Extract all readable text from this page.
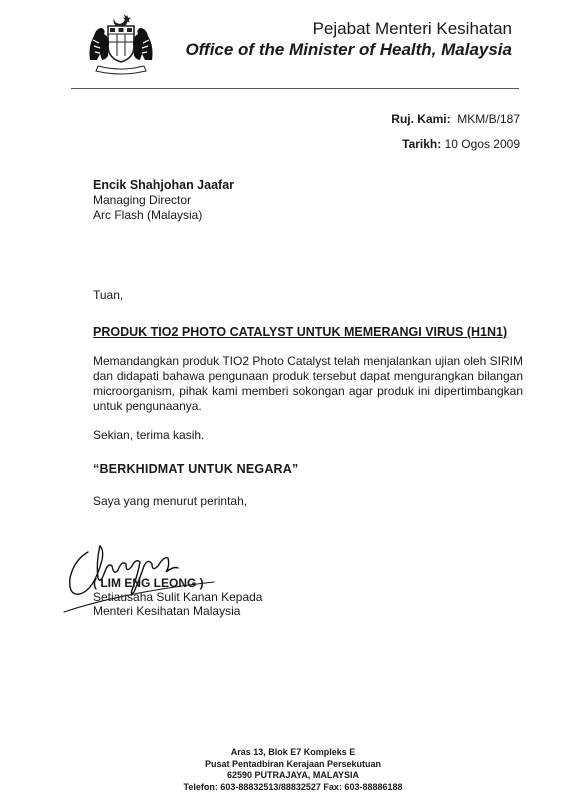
Pejabat Menteri Kesihatan
Office of the Minister of Health, Malaysia
Ruj. Kami: MKM/B/187
Tarikh: 10 Ogos 2009
Encik Shahjohan Jaafar
Managing Director
Arc Flash (Malaysia)
Tuan,
PRODUK TIO2 PHOTO CATALYST UNTUK MEMERANGI VIRUS (H1N1)
Memandangkan produk TIO2 Photo Catalyst telah menjalankan ujian oleh SIRIM dan didapati bahawa pengunaan produk tersebut dapat mengurangkan bilangan microorganism, pihak kami memberi sokongan agar produk ini dipertimbangkan untuk pengunaanya.
Sekian, terima kasih.
“BERKHIDMAT UNTUK NEGARA”
Saya yang menurut perintah,
( LIM ENG LEONG )
Setiausaha Sulit Kanan Kepada
Menteri Kesihatan Malaysia
Aras 13, Blok E7 Kompleks E
Pusat Pentadbiran Kerajaan Persekutuan
62590 PUTRAJAYA, MALAYSIA
Telefon: 603-88832513/88832527 Fax: 603-88886188
